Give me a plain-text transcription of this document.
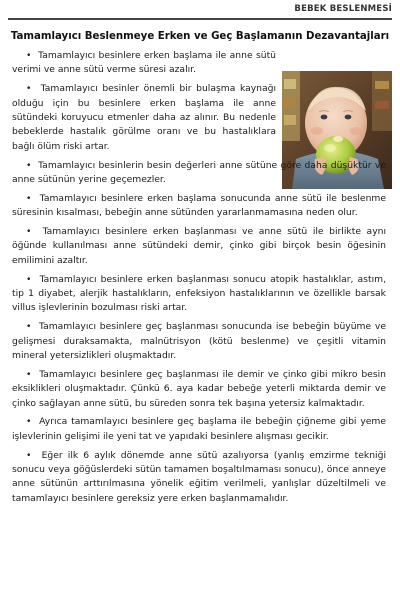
BEBEK BESLENMESİ
Tamamlayıcı Beslenmeye Erken ve Geç Başlamanın Dezavantajları

•  Tamamlayıcı besinlere erken başlama ile anne sütü verimi ve anne sütü verme süresi azalır.

•  Tamamlayıcı besinler önemli bir bulaşma kaynağı olduğu için bu besinlere erken başlama ile anne sütündeki koruyucu etmenler daha az alınır. Bu nedenle bebeklerde hastalık görülme oranı ve bu hastalıklara bağlı ölüm riski artar.

•  Tamamlayıcı besinlerin besin değerleri anne sütüne göre daha düşüktür ve anne sütünün yerine geçemezler.

•  Tamamlayıcı besinlere erken başlama sonucunda anne sütü ile beslenme süresinin kısalması, bebeğin anne sütünden yararlanmamasına neden olur.

•  Tamamlayıcı besinlere erken başlanması ve anne sütü ile birlikte aynı öğünde kullanılması anne sütündeki demir, çinko gibi birçok besin öğesinin emilimini azaltır.

•  Tamamlayıcı besinlere erken başlanması sonucu atopik hastalıklar, astım, tip 1 diyabet, alerjik hastalıkların, enfeksiyon hastalıklarının ve özellikle barsak villus işlevlerinin bozulması riski artar.

•  Tamamlayıcı besinlere geç başlanması sonucunda ise bebeğin büyüme ve gelişmesi duraksamakta, malnütrisyon (kötü beslenme) ve çeşitli vitamin mineral yetersizlikleri oluşmaktadır.

•  Tamamlayıcı besinlere geç başlanması ile demir ve çinko gibi mikro besin eksiklikleri oluşmaktadır. Çünkü 6. aya kadar bebeğe yeterli miktarda demir ve çinko sağlayan anne sütü, bu süreden sonra tek başına yetersiz kalmaktadır.

•  Ayrıca tamamlayıcı besinlere geç başlama ile bebeğin çiğneme gibi yeme işlevlerinin gelişimi ile yeni tat ve yapıdaki besinlere alışması gecikir.

•  Eğer ilk 6 aylık dönemde anne sütü azalıyorsa (yanlış emzirme tekniği sonucu veya göğüslerdeki sütün tamamen boşaltılmaması sonucu), önce anneye anne sütünün arttırılmasına yönelik eğitim verilmeli, yanlışlar düzeltilmeli ve tamamlayıcı besinlere gereksiz yere erken başlanmamalıdır.
